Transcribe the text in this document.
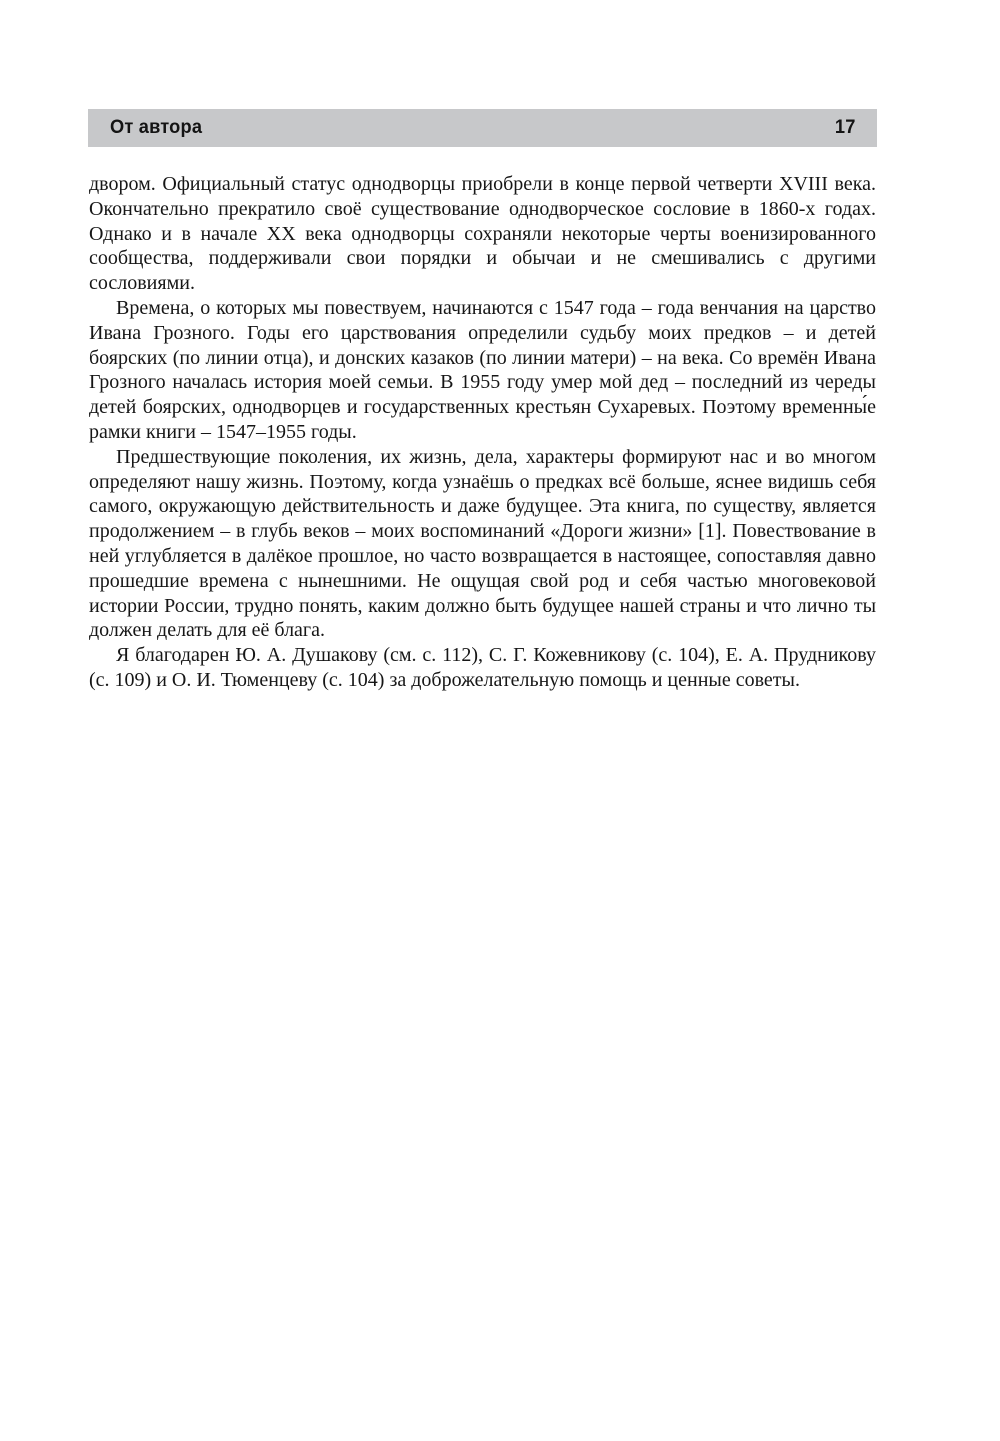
От автора	17

двором. Официальный статус однодворцы приобрели в конце первой четверти XVIII века. Окончательно прекратило своё существование однодворческое сословие в 1860-х годах. Однако и в начале XX века однодворцы сохраняли некоторые черты военизированного сообщества, поддерживали свои порядки и обычаи и не смешивались с другими сословиями.

Времена, о которых мы повествуем, начинаются с 1547 года – года венчания на царство Ивана Грозного. Годы его царствования определили судьбу моих предков – и детей боярских (по линии отца), и донских казаков (по линии матери) – на века. Со времён Ивана Грозного началась история моей семьи. В 1955 году умер мой дед – последний из череды детей боярских, однодворцев и государственных крестьян Сухаревых. Поэтому временны́е рамки книги – 1547–1955 годы.

Предшествующие поколения, их жизнь, дела, характеры формируют нас и во многом определяют нашу жизнь. Поэтому, когда узнаёшь о предках всё больше, яснее видишь себя самого, окружающую действительность и даже будущее. Эта книга, по существу, является продолжением – в глубь веков – моих воспоминаний «Дороги жизни» [1]. Повествование в ней углубляется в далёкое прошлое, но часто возвращается в настоящее, сопоставляя давно прошедшие времена с нынешними. Не ощущая свой род и себя частью многовековой истории России, трудно понять, каким должно быть будущее нашей страны и что лично ты должен делать для её блага.

Я благодарен Ю. А. Душакову (см. с. 112), С. Г. Кожевникову (с. 104), Е. А. Прудникову (с. 109) и О. И. Тюменцеву (с. 104) за доброжелательную помощь и ценные советы.
